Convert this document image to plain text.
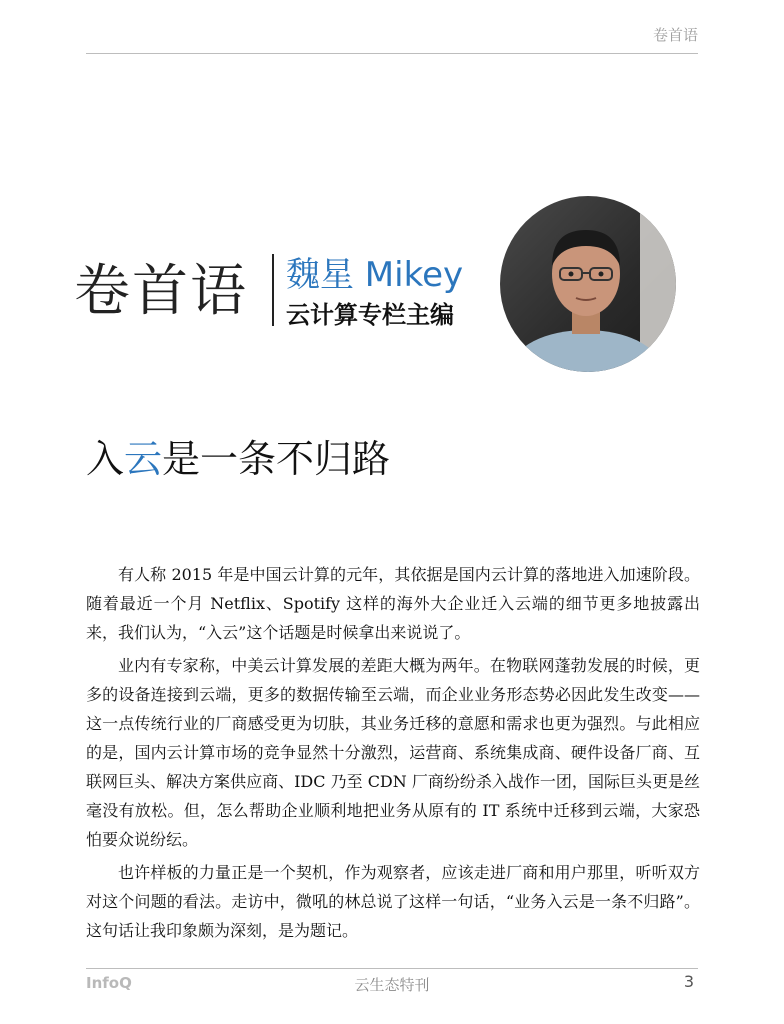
卷首语
卷首语 魏星 Mikey
云计算专栏主编
入云是一条不归路

有人称 2015 年是中国云计算的元年，其依据是国内云计算的落地进入加速阶段。随着最近一个月 Netflix、Spotify 这样的海外大企业迁入云端的细节更多地披露出来，我们认为，“入云”这个话题是时候拿出来说说了。

业内有专家称，中美云计算发展的差距大概为两年。在物联网蓬勃发展的时候，更多的设备连接到云端，更多的数据传输至云端，而企业业务形态势必因此发生改变——这一点传统行业的厂商感受更为切肤，其业务迁移的意愿和需求也更为强烈。与此相应的是，国内云计算市场的竞争显然十分激烈，运营商、系统集成商、硬件设备厂商、互联网巨头、解决方案供应商、IDC 乃至 CDN 厂商纷纷杀入战作一团，国际巨头更是丝毫没有放松。但，怎么帮助企业顺利地把业务从原有的 IT 系统中迁移到云端，大家恐怕要众说纷纭。

也许样板的力量正是一个契机，作为观察者，应该走进厂商和用户那里，听听双方对这个问题的看法。走访中，微吼的林总说了这样一句话，“业务入云是一条不归路”。这句话让我印象颇为深刻，是为题记。

InfoQ	云生态特刊	3
